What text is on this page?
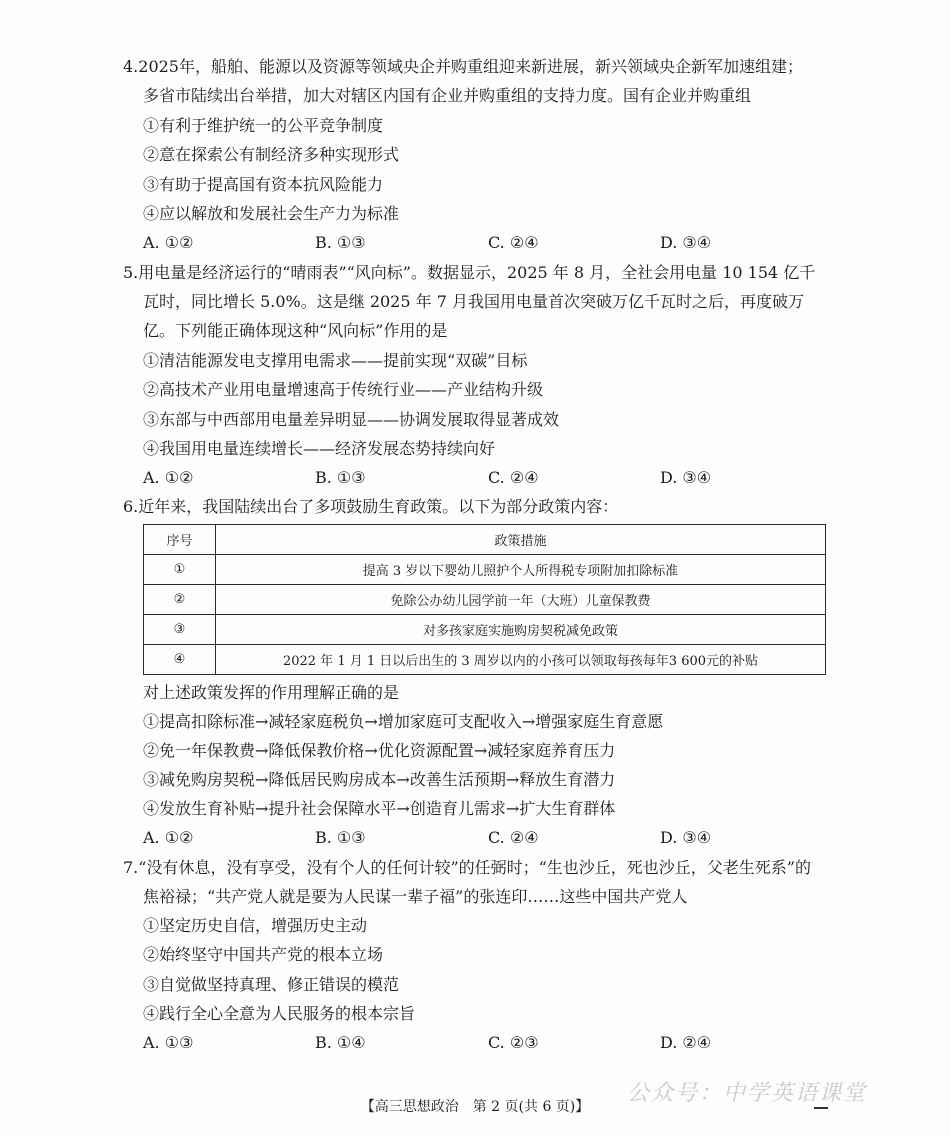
4.2025年，船舶、能源以及资源等领域央企并购重组迎来新进展，新兴领域央企新军加速组建；
多省市陆续出台举措，加大对辖区内国有企业并购重组的支持力度。国有企业并购重组
①有利于维护统一的公平竞争制度
②意在探索公有制经济多种实现形式
③有助于提高国有资本抗风险能力
④应以解放和发展社会生产力为标准
A. ①②	B. ①③	C. ②④	D. ③④
5.用电量是经济运行的“晴雨表”“风向标”。数据显示，2025 年 8 月，全社会用电量 10 154 亿千
瓦时，同比增长 5.0%。这是继 2025 年 7 月我国用电量首次突破万亿千瓦时之后，再度破万
亿。下列能正确体现这种“风向标”作用的是
①清洁能源发电支撑用电需求——提前实现“双碳”目标
②高技术产业用电量增速高于传统行业——产业结构升级
③东部与中西部用电量差异明显——协调发展取得显著成效
④我国用电量连续增长——经济发展态势持续向好
A. ①②	B. ①③	C. ②④	D. ③④
6.近年来，我国陆续出台了多项鼓励生育政策。以下为部分政策内容：
序号	政策措施
①	提高 3 岁以下婴幼儿照护个人所得税专项附加扣除标准
②	免除公办幼儿园学前一年（大班）儿童保教费
③	对多孩家庭实施购房契税减免政策
④	2022 年 1 月 1 日以后出生的 3 周岁以内的小孩可以领取每孩每年3 600元的补贴
对上述政策发挥的作用理解正确的是
①提高扣除标准→减轻家庭税负→增加家庭可支配收入→增强家庭生育意愿
②免一年保教费→降低保教价格→优化资源配置→减轻家庭养育压力
③减免购房契税→降低居民购房成本→改善生活预期→释放生育潜力
④发放生育补贴→提升社会保障水平→创造育儿需求→扩大生育群体
A. ①②	B. ①③	C. ②④	D. ③④
7.“没有休息，没有享受，没有个人的任何计较”的任弼时；“生也沙丘，死也沙丘，父老生死系”的
焦裕禄；“共产党人就是要为人民谋一辈子福”的张连印……这些中国共产党人
①坚定历史自信，增强历史主动
②始终坚守中国共产党的根本立场
③自觉做坚持真理、修正错误的模范
④践行全心全意为人民服务的根本宗旨
A. ①③	B. ①④	C. ②③	D. ②④
公众号：中学英语课堂
【高三思想政治　第 2 页(共 6 页)】
